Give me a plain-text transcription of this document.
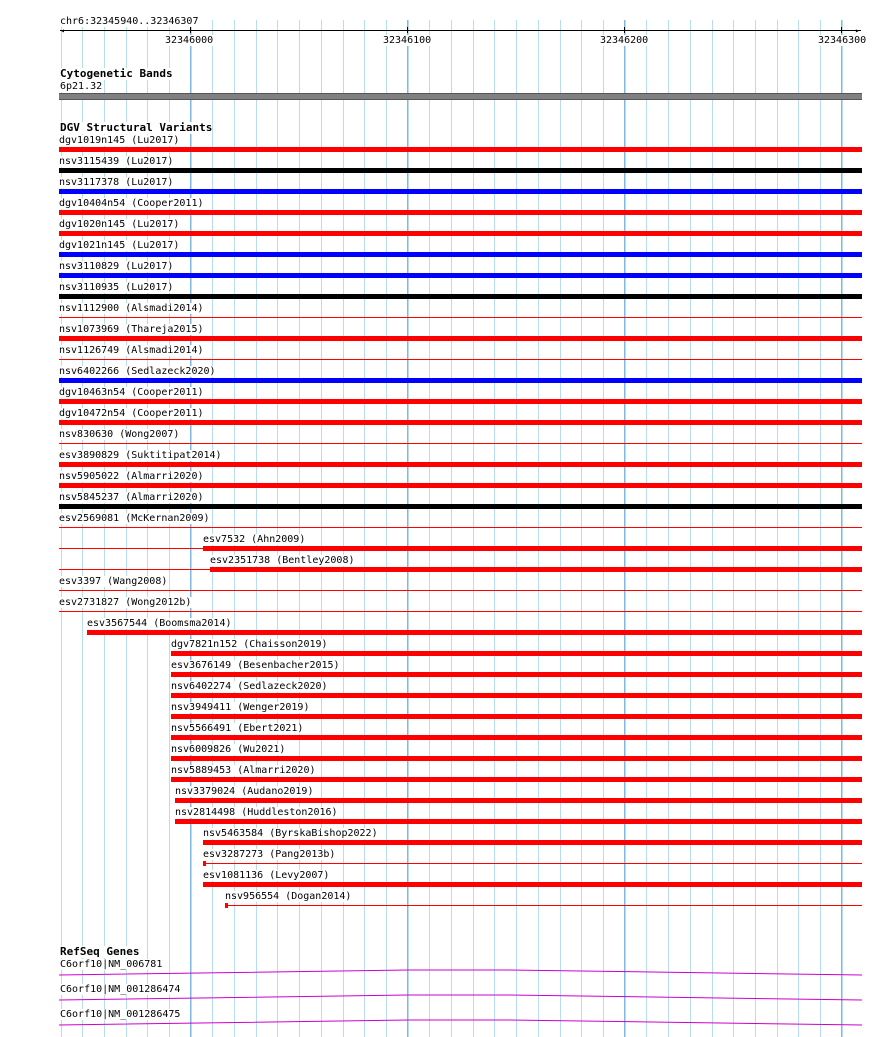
chr6:32345940..32346307
◂	▸
32346000	32346100	32346200	32346300
Cytogenetic Bands
6p21.32
DGV Structural Variants
dgv1019n145 (Lu2017)
nsv3115439 (Lu2017)
nsv3117378 (Lu2017)
dgv10404n54 (Cooper2011)
dgv1020n145 (Lu2017)
dgv1021n145 (Lu2017)
nsv3110829 (Lu2017)
nsv3110935 (Lu2017)
nsv1112900 (Alsmadi2014)
nsv1073969 (Thareja2015)
nsv1126749 (Alsmadi2014)
nsv6402266 (Sedlazeck2020)
dgv10463n54 (Cooper2011)
dgv10472n54 (Cooper2011)
nsv830630 (Wong2007)
esv3890829 (Suktitipat2014)
nsv5905022 (Almarri2020)
nsv5845237 (Almarri2020)
esv2569081 (McKernan2009)
esv7532 (Ahn2009)
esv2351738 (Bentley2008)
esv3397 (Wang2008)
esv2731827 (Wong2012b)
esv3567544 (Boomsma2014)
dgv7821n152 (Chaisson2019)
esv3676149 (Besenbacher2015)
nsv6402274 (Sedlazeck2020)
nsv3949411 (Wenger2019)
nsv5566491 (Ebert2021)
nsv6009826 (Wu2021)
nsv5889453 (Almarri2020)
nsv3379024 (Audano2019)
nsv2814498 (Huddleston2016)
nsv5463584 (ByrskaBishop2022)
esv3287273 (Pang2013b)
esv1081136 (Levy2007)
nsv956554 (Dogan2014)
RefSeq Genes
C6orf10|NM_006781
C6orf10|NM_001286474
C6orf10|NM_001286475
